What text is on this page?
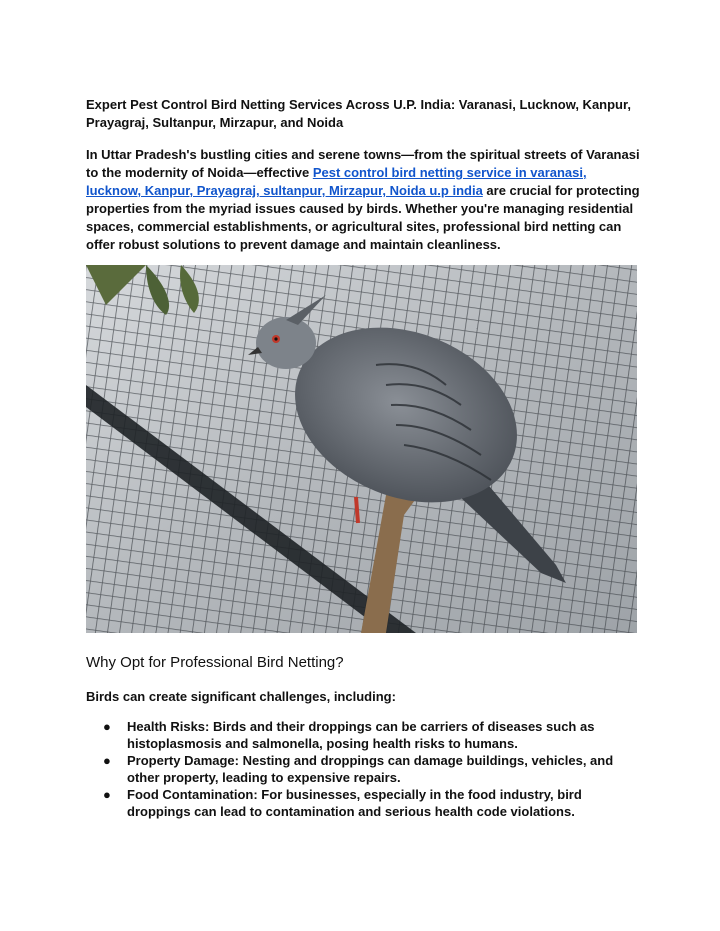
Expert Pest Control Bird Netting Services Across U.P. India: Varanasi, Lucknow, Kanpur, Prayagraj, Sultanpur, Mirzapur, and Noida

In Uttar Pradesh's bustling cities and serene towns—from the spiritual streets of Varanasi to the modernity of Noida—effective Pest control bird netting service in varanasi, lucknow, Kanpur, Prayagraj, sultanpur, Mirzapur, Noida u.p india are crucial for protecting properties from the myriad issues caused by birds. Whether you're managing residential spaces, commercial establishments, or agricultural sites, professional bird netting can offer robust solutions to prevent damage and maintain cleanliness.

Why Opt for Professional Bird Netting?
Birds can create significant challenges, including:
● Health Risks: Birds and their droppings can be carriers of diseases such as histoplasmosis and salmonella, posing health risks to humans.
● Property Damage: Nesting and droppings can damage buildings, vehicles, and other property, leading to expensive repairs.
● Food Contamination: For businesses, especially in the food industry, bird droppings can lead to contamination and serious health code violations.
